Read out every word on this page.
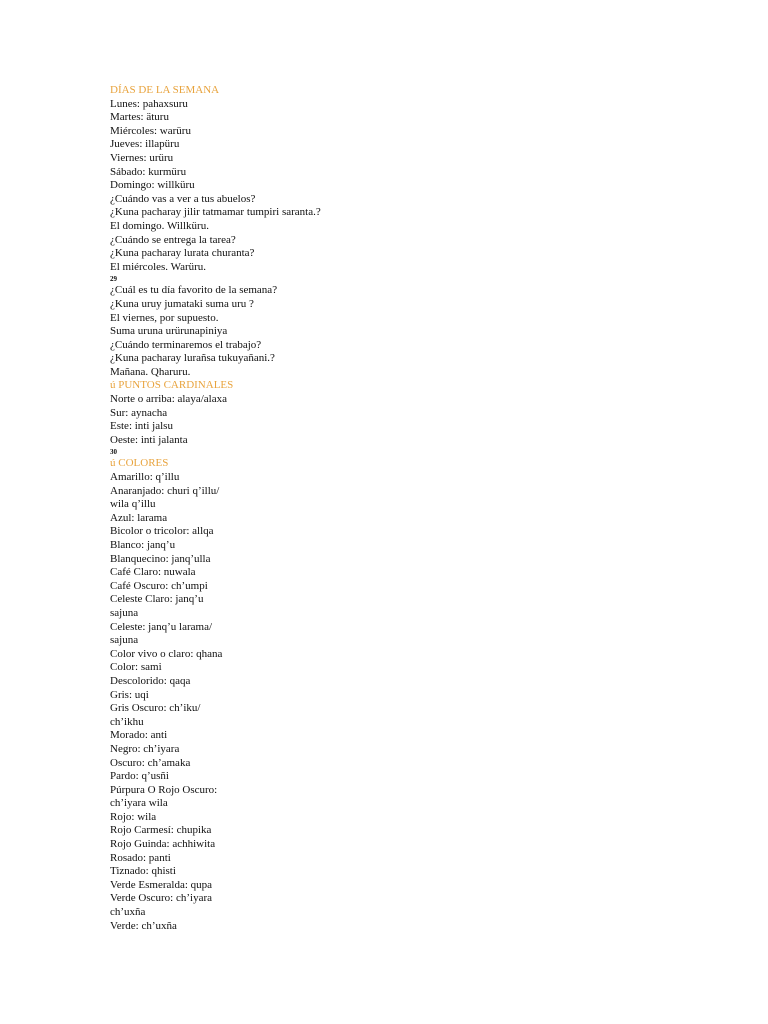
DÍAS DE LA SEMANA
Lunes: pahaxsuru
Martes: äturu
Miércoles: warüru
Jueves: illapüru
Viernes: urüru
Sábado: kurmüru
Domingo: willküru
¿Cuándo vas a ver a tus abuelos?
¿Kuna pacharay jilir tatmamar tumpiri saranta.?
El domingo. Willküru.
¿Cuándo se entrega la tarea?
¿Kuna pacharay lurata churanta?
El miércoles. Warüru.
29
¿Cuál es tu día favorito de la semana?
¿Kuna uruy jumataki suma uru ?
El viernes, por supuesto.
Suma uruna urürunapiniya
¿Cuándo terminaremos el trabajo?
¿Kuna pacharay lurañsa tukuyañani.?
Mañana. Qharuru.
ú PUNTOS CARDINALES
Norte o arriba: alaya/alaxa
Sur: aynacha
Este: inti jalsu
Oeste: inti jalanta
30
ú COLORES
Amarillo: q’illu
Anaranjado: churi q’illu/
wila q’illu
Azul: larama
Bicolor o tricolor: allqa
Blanco: janq’u
Blanquecino: janq’ulla
Café Claro: nuwala
Café Oscuro: ch’umpi
Celeste Claro: janq’u
sajuna
Celeste: janq’u larama/
sajuna
Color vivo o claro: qhana
Color: sami
Descolorido: qaqa
Gris: uqi
Gris Oscuro: ch’iku/
ch’ikhu
Morado: anti
Negro: ch’iyara
Oscuro: ch’amaka
Pardo: q’usñi
Púrpura O Rojo Oscuro:
ch’iyara wila
Rojo: wila
Rojo Carmesí: chupika
Rojo Guinda: achhiwita
Rosado: panti
Tiznado: qhisti
Verde Esmeralda: qupa
Verde Oscuro: ch’iyara
ch’uxña
Verde: ch’uxña
